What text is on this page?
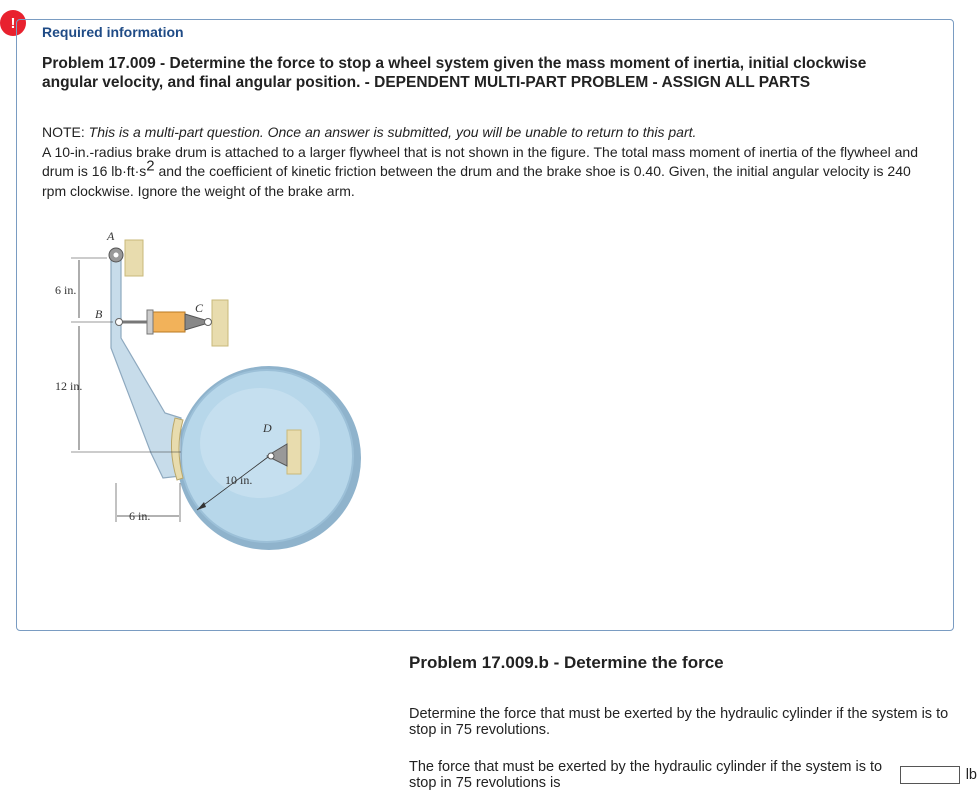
!
Required information
Problem 17.009 - Determine the force to stop a wheel system given the mass moment of inertia, initial clockwise angular velocity, and final angular position. - DEPENDENT MULTI-PART PROBLEM - ASSIGN ALL PARTS
NOTE: This is a multi-part question. Once an answer is submitted, you will be unable to return to this part.
A 10-in.-radius brake drum is attached to a larger flywheel that is not shown in the figure. The total mass moment of inertia of the flywheel and drum is 16 $lb\cdot ft\cdot s^2$ and the coefficient of kinetic friction between the drum and the brake shoe is 0.40. Given, the initial angular velocity is 240 rpm clockwise. Ignore the weight of the brake arm.
A
B	C
D
6 in.
12 in.
10 in.
6 in.
Problem 17.009.b - Determine the force
Determine the force that must be exerted by the hydraulic cylinder if the system is to stop in 75 revolutions.
The force that must be exerted by the hydraulic cylinder if the system is to stop in 75 revolutions is	lb
